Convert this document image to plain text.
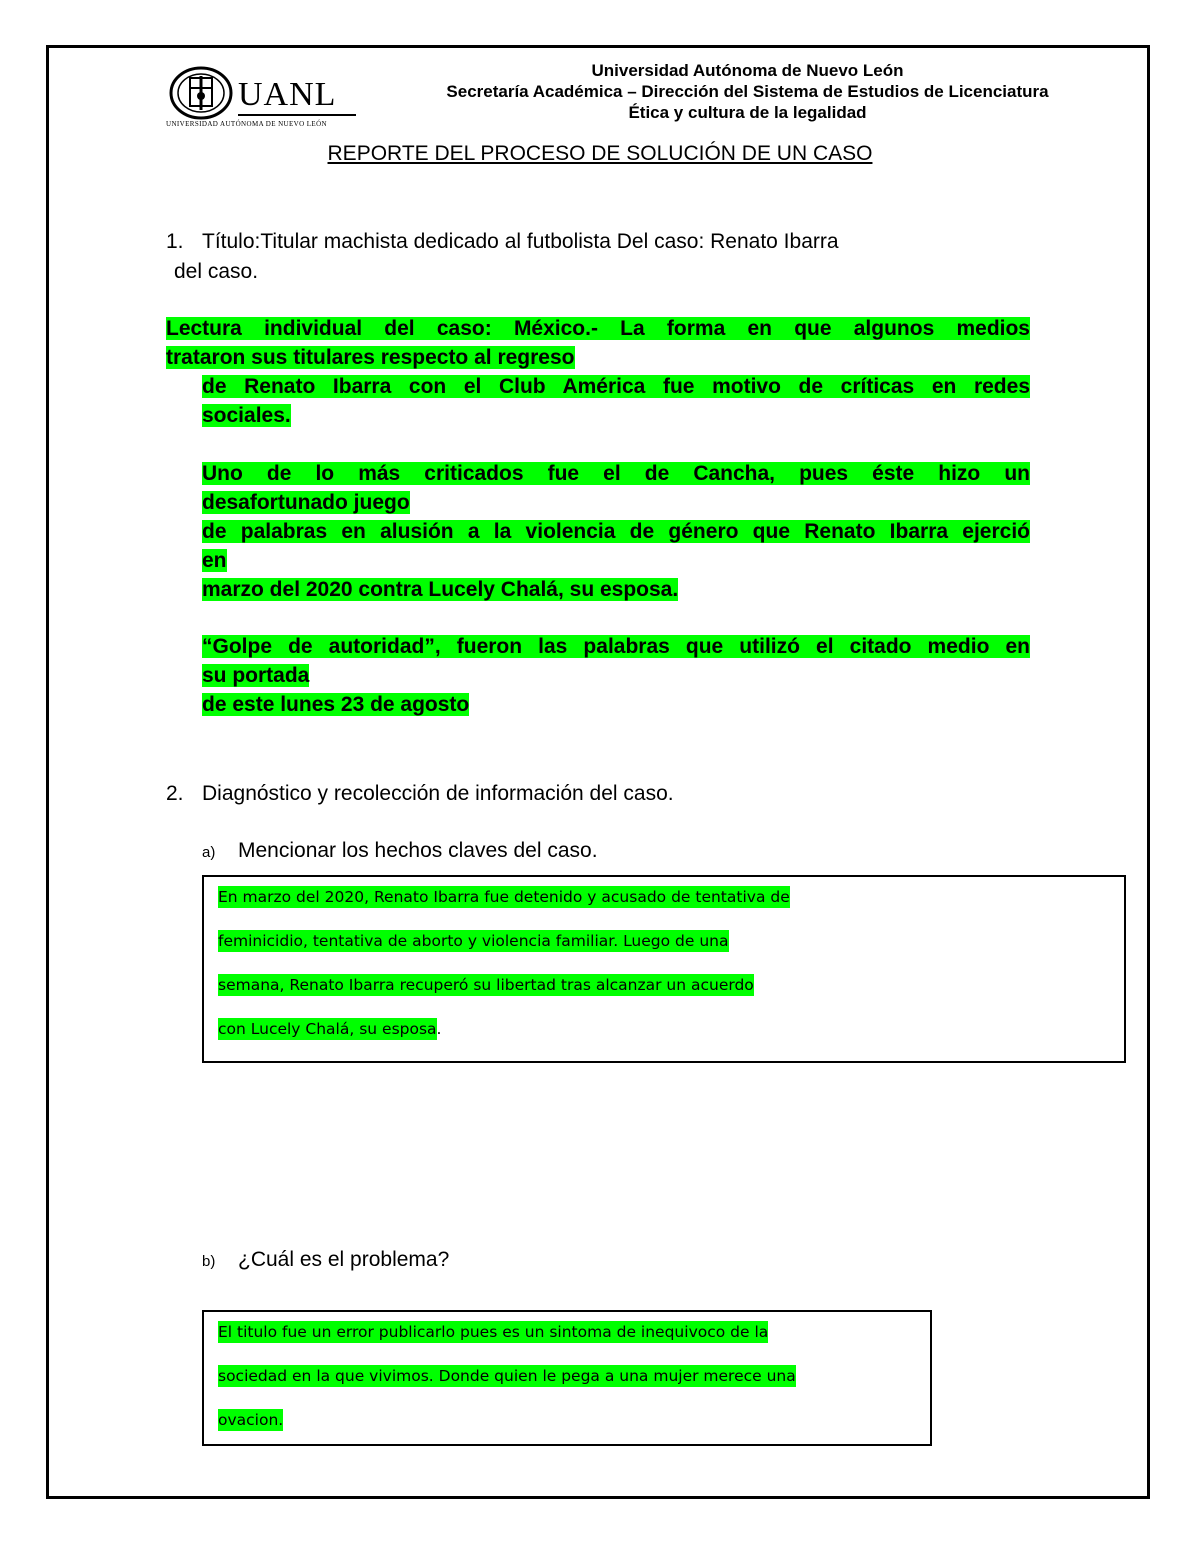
UANL
UNIVERSIDAD AUTÓNOMA DE NUEVO LEÓN
Universidad Autónoma de Nuevo León
Secretaría Académica – Dirección del Sistema de Estudios de Licenciatura
Ética y cultura de la legalidad
REPORTE DEL PROCESO DE SOLUCIÓN DE UN CASO
1. Título:Titular machista dedicado al futbolista Del caso: Renato Ibarra
del caso.
Lectura individual del caso: México.- La forma en que algunos medios
trataron sus titulares respecto al regreso
de Renato Ibarra con el Club América fue motivo de críticas en redes
sociales.
Uno de lo más criticados fue el de Cancha, pues éste hizo un
desafortunado juego
de palabras en alusión a la violencia de género que Renato Ibarra ejerció
en
marzo del 2020 contra Lucely Chalá, su esposa.
“Golpe de autoridad”, fueron las palabras que utilizó el citado medio en
su portada
de este lunes 23 de agosto
2. Diagnóstico y recolección de información del caso.
a) Mencionar los hechos claves del caso.
En marzo del 2020, Renato Ibarra fue detenido y acusado de tentativa de
feminicidio, tentativa de aborto y violencia familiar. Luego de una
semana, Renato Ibarra recuperó su libertad tras alcanzar un acuerdo
con Lucely Chalá, su esposa.
b) ¿Cuál es el problema?
El titulo fue un error publicarlo pues es un sintoma de inequivoco de la
sociedad en la que vivimos. Donde quien le pega a una mujer merece una
ovacion.
